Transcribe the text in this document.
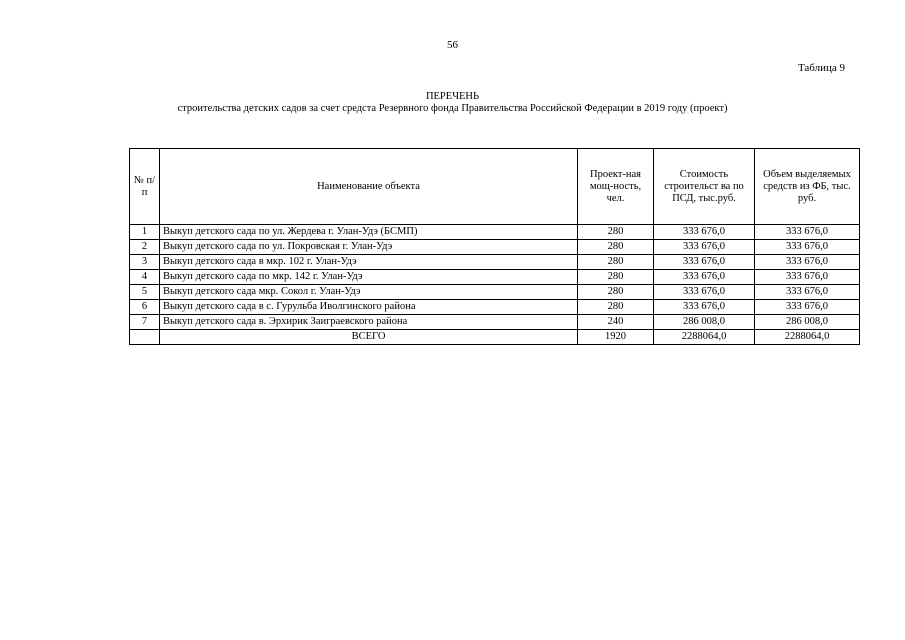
56
Таблица 9
ПЕРЕЧЕНЬ
строительства детских садов за счет средста Резервного фонда Правительства Российской Федерации в 2019 году (проект)
№ п/п	Наименование объекта	Проект-ная мощ-ность, чел.	Стоимость строительст ва по ПСД, тыс.руб.	Объем выделяемых средств из ФБ, тыс. руб.
1	Выкуп детского сада по ул. Жердева г. Улан-Удэ (БСМП)	280	333 676,0	333 676,0
2	Выкуп детского сада по ул. Покровская г. Улан-Удэ	280	333 676,0	333 676,0
3	Выкуп детского сада в мкр. 102 г. Улан-Удэ	280	333 676,0	333 676,0
4	Выкуп детского сада по мкр. 142 г. Улан-Удэ	280	333 676,0	333 676,0
5	Выкуп детского сада мкр. Сокол г. Улан-Удэ	280	333 676,0	333 676,0
6	Выкуп детского сада в с. Гурульба Иволгинского района	280	333 676,0	333 676,0
7	Выкуп детского сада в. Эрхирик Заиграевского района	240	286 008,0	286 008,0
	ВСЕГО	1920	2288064,0	2288064,0
